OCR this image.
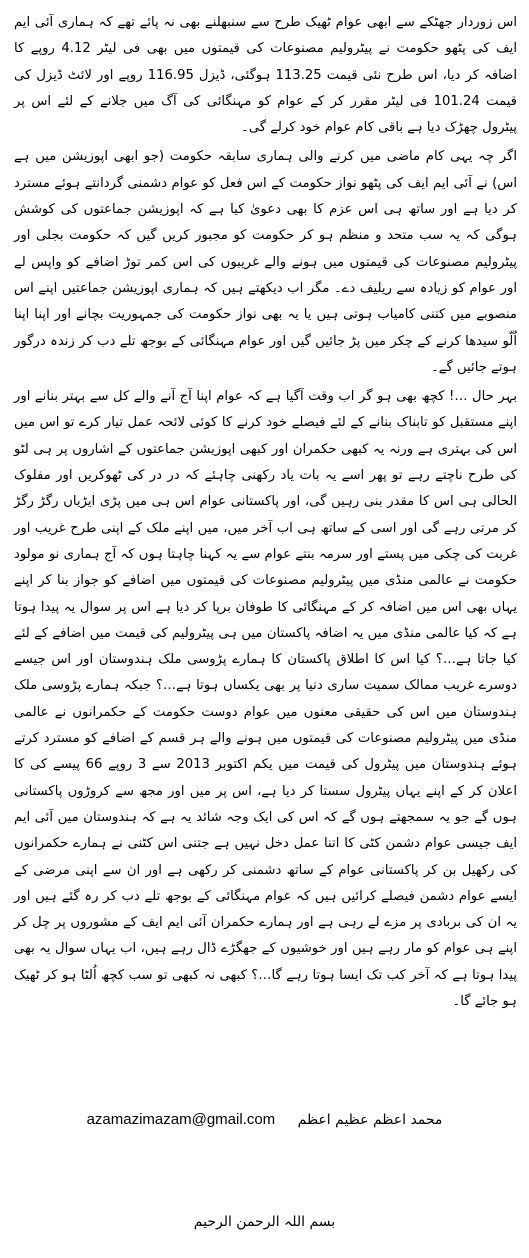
اس زوردار جھٹکے سے ابھی عوام ٹھیک طرح سے سنبھلنے بھی نہ پائے تھے کہ ہماری آئی ایم ایف کی پٹھو حکومت نے پیٹرولیم مصنوعات کی قیمتوں میں بھی فی لیٹر 4.12 روپے کا اضافہ کر دیا، اس طرح نئی قیمت 113.25 ہوگئی، ڈیزل 116.95 روپے اور لائٹ ڈیزل کی قیمت 101.24 فی لیٹر مقرر کر کے عوام کو مہنگائی کی آگ میں جلانے کے لئے اس پر پیٹرول چھڑک دیا ہے باقی کام عوام خود کرلے گی۔

اگر چہ یہی کام ماضی میں کرنے والی ہماری سابقہ حکومت (جو ابھی اپوزیشن میں ہے اس) نے آئی ایم ایف کی پٹھو نواز حکومت کے اس فعل کو عوام دشمنی گردانتے ہوئے مسترد کر دیا ہے اور ساتھ ہی اس عزم کا بھی دعویٰ کیا ہے کہ اپوزیشن جماعتوں کی کوشش ہوگی کہ یہ سب متحد و منظم ہو کر حکومت کو مجبور کریں گیں کہ حکومت بجلی اور پیٹرولیم مصنوعات کی قیمتوں میں ہونے والے غریبوں کی اس کمر توڑ اضافے کو واپس لے اور عوام کو زیادہ سے ریلیف دے۔ مگر اب دیکھتے ہیں کہ ہماری اپوزیشن جماعتیں اپنے اس منصوبے میں کتنی کامیاب ہوتی ہیں یا یہ بھی نواز حکومت کی جمہوریت بچانے اور اپنا اپنا اُلّو سیدھا کرنے کے چکر میں پڑ جائیں گیں اور عوام مہنگائی کے بوجھ تلے دب کر زندہ درگور ہوتے جائیں گے۔

بہر حال …! کچھ بھی ہو گر اب وقت آگیا ہے کہ عوام اپنا آج آنے والے کل سے بہتر بنانے اور اپنے مستقبل کو تابناک بنانے کے لئے فیصلے خود کرنے کا کوئی لائحہ عمل تیار کرے تو اس میں اس کی بہتری ہے ورنہ یہ کبھی حکمران اور کبھی اپوزیشن جماعتوں کے اشاروں پر ہی لٹو کی طرح ناچتے رہے تو پھر اسے یہ بات یاد رکھنی چاہئے کہ در در کی ٹھوکریں اور مفلوک الحالی ہی اس کا مقدر بنی رہیں گی، اور پاکستانی عوام اس ہی میں پڑی ایڑیاں رگڑ رگڑ کر مرتی رہے گی اور اسی کے ساتھ ہی اب آخر میں، میں اپنے ملک کے اپنی طرح غریب اور غربت کی چکی میں پستے اور سرمہ بنتے عوام سے یہ کہنا چاہتا ہوں کہ آج ہماری نو مولود حکومت نے عالمی منڈی میں پیٹرولیم مصنوعات کی قیمتوں میں اضافے کو جواز بنا کر اپنے یہاں بھی اس میں اضافہ کر کے مہنگائی کا طوفان برپا کر دیا ہے اس پر سوال یہ پیدا ہوتا ہے کہ کیا عالمی منڈی میں یہ اضافہ پاکستان میں ہی پیٹرولیم کی قیمت میں اضافے کے لئے کیا جاتا ہے…؟ کیا اس کا اطلاق پاکستان کا ہمارے پڑوسی ملک ہندوستان اور اس جیسے دوسرے غریب ممالک سمیت ساری دنیا پر بھی یکساں ہوتا ہے…؟ جبکہ ہمارے پڑوسی ملک ہندوستان میں اس کی حقیقی معنوں میں عوام دوست حکومت کے حکمرانوں نے عالمی منڈی میں پیٹرولیم مصنوعات کی قیمتوں میں ہونے والے ہر قسم کے اضافے کو مسترد کرتے ہوئے ہندوستان میں پیٹرول کی قیمت میں یکم اکتوبر 2013 سے 3 روپے 66 پیسے کی کا اعلان کر کے اپنے یہاں پیٹرول سستا کر دیا ہے، اس پر میں اور مجھ سے کروڑوں پاکستانی ہوں گے جو یہ سمجھتے ہوں گے کہ اس کی ایک وجہ شائد یہ ہے کہ ہندوستان میں آئی ایم ایف جیسی عوام دشمن کٹی کا اتنا عمل دخل نہیں ہے جتنی اس کٹنی نے ہمارے حکمرانوں کی رکھیل بن کر پاکستانی عوام کے ساتھ دشمنی کر رکھی ہے اور ان سے اپنی مرضی کے ایسے عوام دشمن فیصلے کرائیں ہیں کہ عوام مہنگائی کے بوجھ تلے دب کر رہ گئے ہیں اور یہ ان کی بربادی پر مزے لے رہی ہے اور ہمارے حکمران آئی ایم ایف کے مشوروں پر چل کر اپنے ہی عوام کو مار رہے ہیں اور خوشیوں کے جھگڑے ڈال رہے ہیں، اب یہاں سوال یہ بھی پیدا ہوتا ہے کہ آخر کب تک ایسا ہوتا رہے گا…؟ کبھی نہ کبھی تو سب کچھ اُلٹا ہو کر ٹھیک ہو جائے گا۔

azamazimazam@gmail.com محمد اعظم عظیم اعظم
بسم اللہ الرحمن الرحیم
